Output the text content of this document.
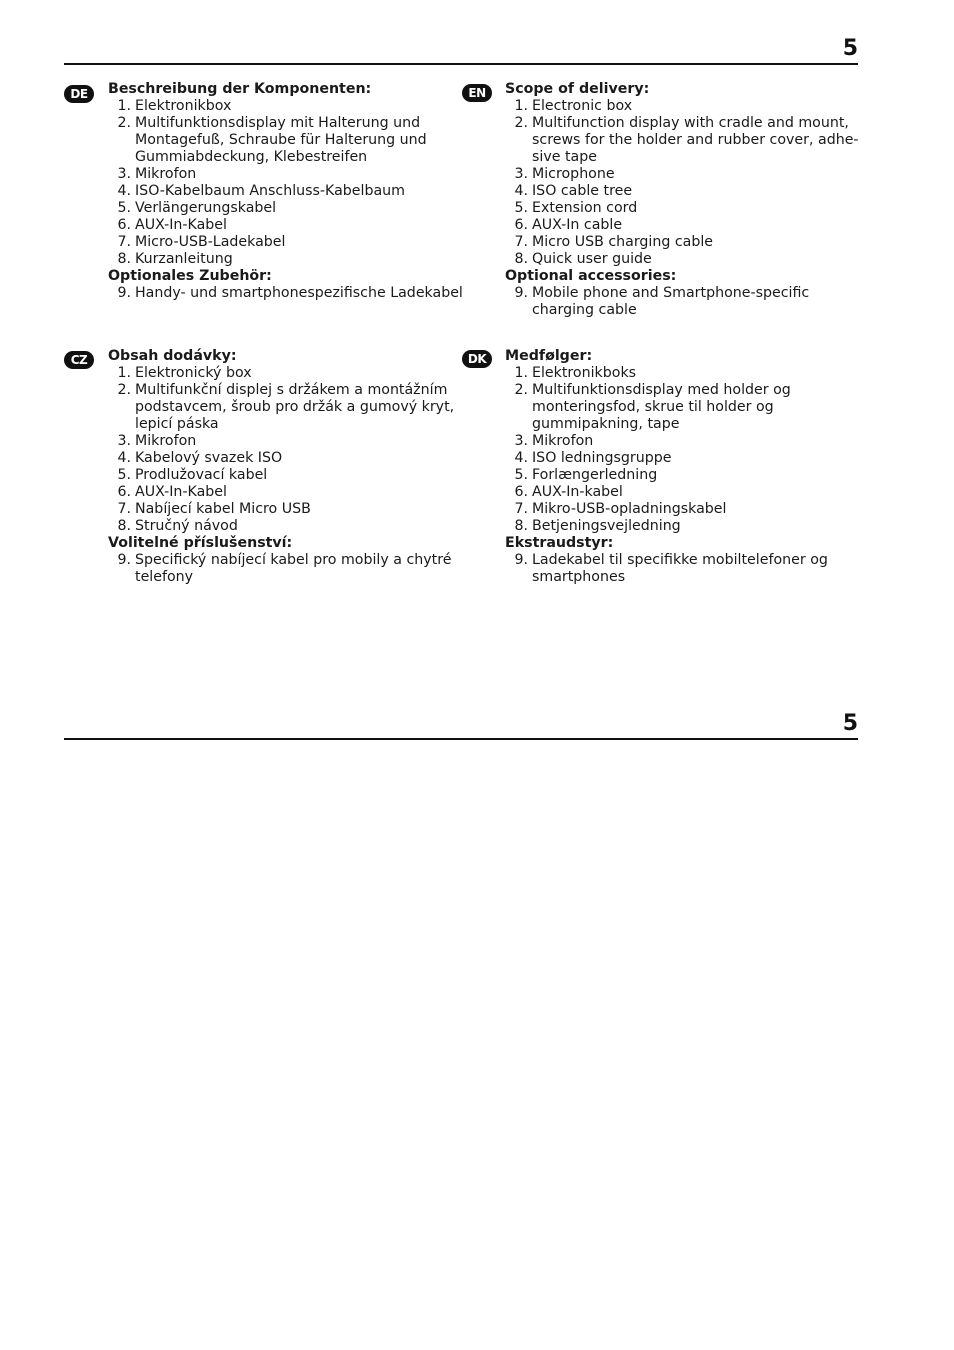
5
DE	Beschreibung der Komponenten:
1. Elektronikbox
2. Multifunktionsdisplay mit Halterung und
Montagefuß, Schraube für Halterung und
Gummiabdeckung, Klebestreifen
3. Mikrofon
4. ISO-Kabelbaum Anschluss-Kabelbaum
5. Verlängerungskabel
6. AUX-In-Kabel
7. Micro-USB-Ladekabel
8. Kurzanleitung
Optionales Zubehör:
9. Handy- und smartphonespezifische Ladekabel
EN	Scope of delivery:
1. Electronic box
2. Multifunction display with cradle and mount,
screws for the holder and rubber cover, adhe-
sive tape
3. Microphone
4. ISO cable tree
5. Extension cord
6. AUX-In cable
7. Micro USB charging cable
8. Quick user guide
Optional accessories:
9. Mobile phone and Smartphone-specific
charging cable
CZ	Obsah dodávky:
1. Elektronický box
2. Multifunkční displej s držákem a montážním
podstavcem, šroub pro držák a gumový kryt,
lepicí páska
3. Mikrofon
4. Kabelový svazek ISO
5. Prodlužovací kabel
6. AUX-In-Kabel
7. Nabíjecí kabel Micro USB
8. Stručný návod
Volitelné příslušenství:
9. Specifický nabíjecí kabel pro mobily a chytré
telefony
DK	Medfølger:
1. Elektronikboks
2. Multifunktionsdisplay med holder og
monteringsfod, skrue til holder og
gummipakning, tape
3. Mikrofon
4. ISO ledningsgruppe
5. Forlængerledning
6. AUX-In-kabel
7. Mikro-USB-opladningskabel
8. Betjeningsvejledning
Ekstraudstyr:
9. Ladekabel til specifikke mobiltelefoner og
smartphones
5
